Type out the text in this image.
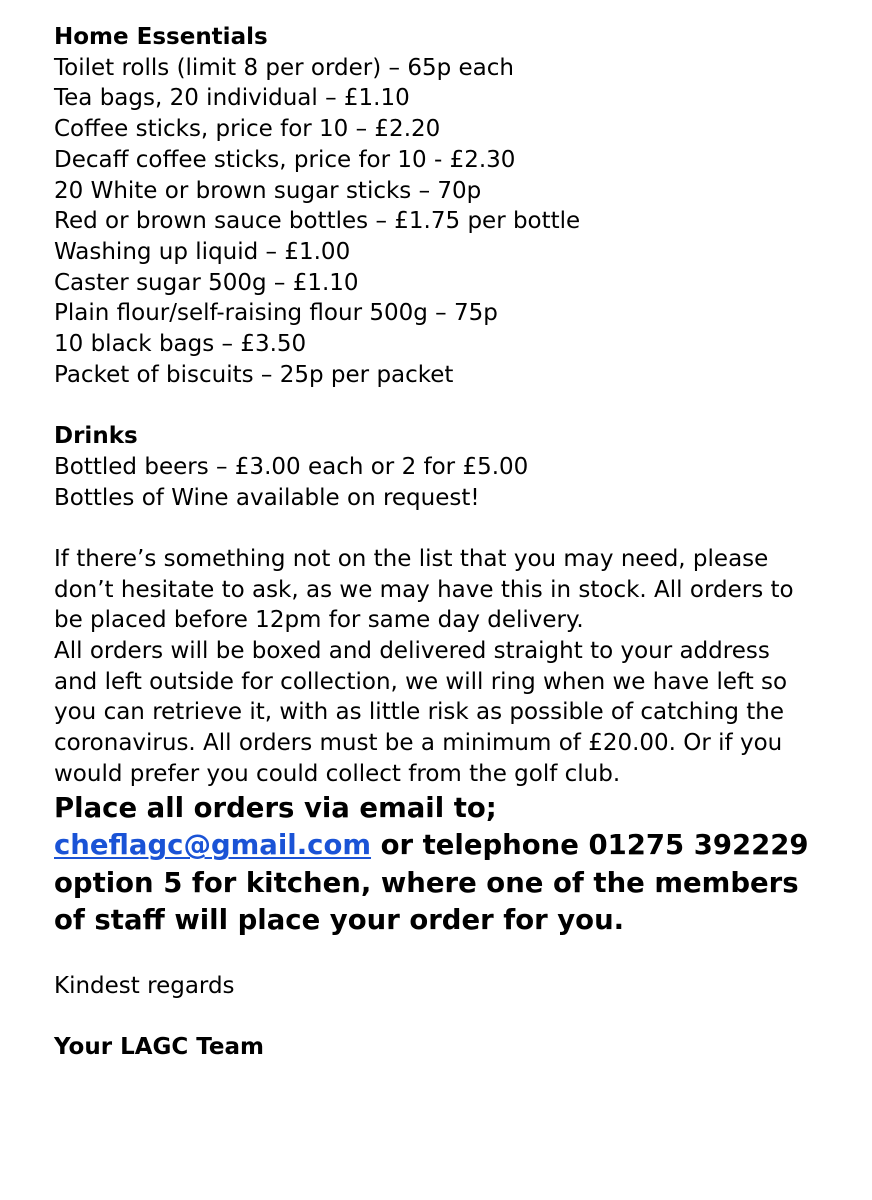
Home Essentials

Toilet rolls (limit 8 per order) – 65p each

Tea bags, 20 individual – £1.10

Coffee sticks, price for 10 – £2.20

Decaff coffee sticks, price for 10 - £2.30

20 White or brown sugar sticks – 70p

Red or brown sauce bottles – £1.75 per bottle

Washing up liquid – £1.00

Caster sugar 500g – £1.10

Plain flour/self-raising flour 500g – 75p

10 black bags – £3.50

Packet of biscuits – 25p per packet

Drinks

Bottled beers – £3.00 each or 2 for £5.00

Bottles of Wine available on request!

If there’s something not on the list that you may need, please don’t hesitate to ask, as we may have this in stock. All orders to be placed before 12pm for same day delivery.

All orders will be boxed and delivered straight to your address and left outside for collection, we will ring when we have left so you can retrieve it, with as little risk as possible of catching the coronavirus. All orders must be a minimum of £20.00. Or if you would prefer you could collect from the golf club.

Place all orders via email to;

cheflagc@gmail.com or telephone 01275 392229 option 5 for kitchen, where one of the members of staff will place your order for you.

Kindest regards

Your LAGC Team
